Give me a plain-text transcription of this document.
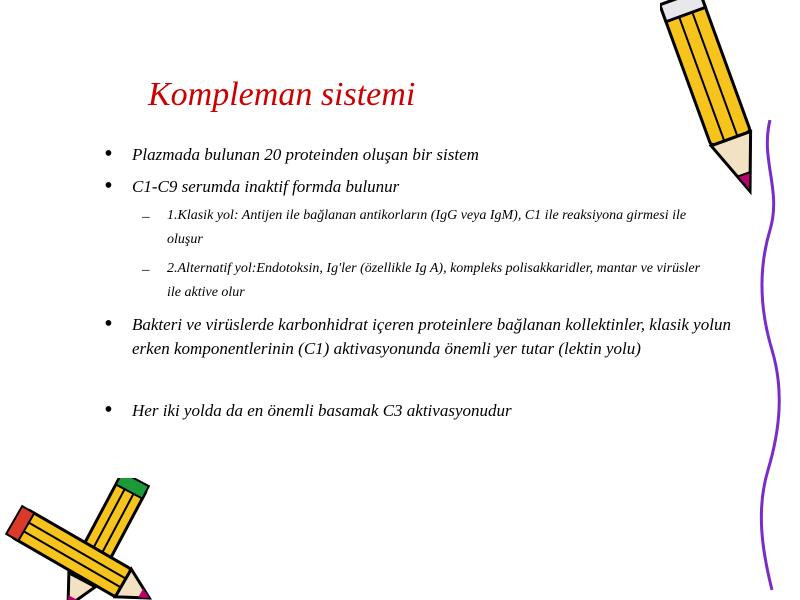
Kompleman sistemi
• Plazmada bulunan 20 proteinden oluşan bir sistem
• C1-C9 serumda inaktif formda bulunur
– 1.Klasik yol: Antijen ile bağlanan antikorların (IgG veya IgM), C1 ile reaksiyona girmesi ile oluşur
– 2.Alternatif yol:Endotoksin, Ig'ler (özellikle Ig A), kompleks polisakkaridler, mantar ve virüsler ile aktive olur
• Bakteri ve virüslerde karbonhidrat içeren proteinlere bağlanan kollektinler, klasik yolun erken komponentlerinin (C1) aktivasyonunda önemli yer tutar (lektin yolu)
• Her iki yolda da en önemli basamak C3 aktivasyonudur
